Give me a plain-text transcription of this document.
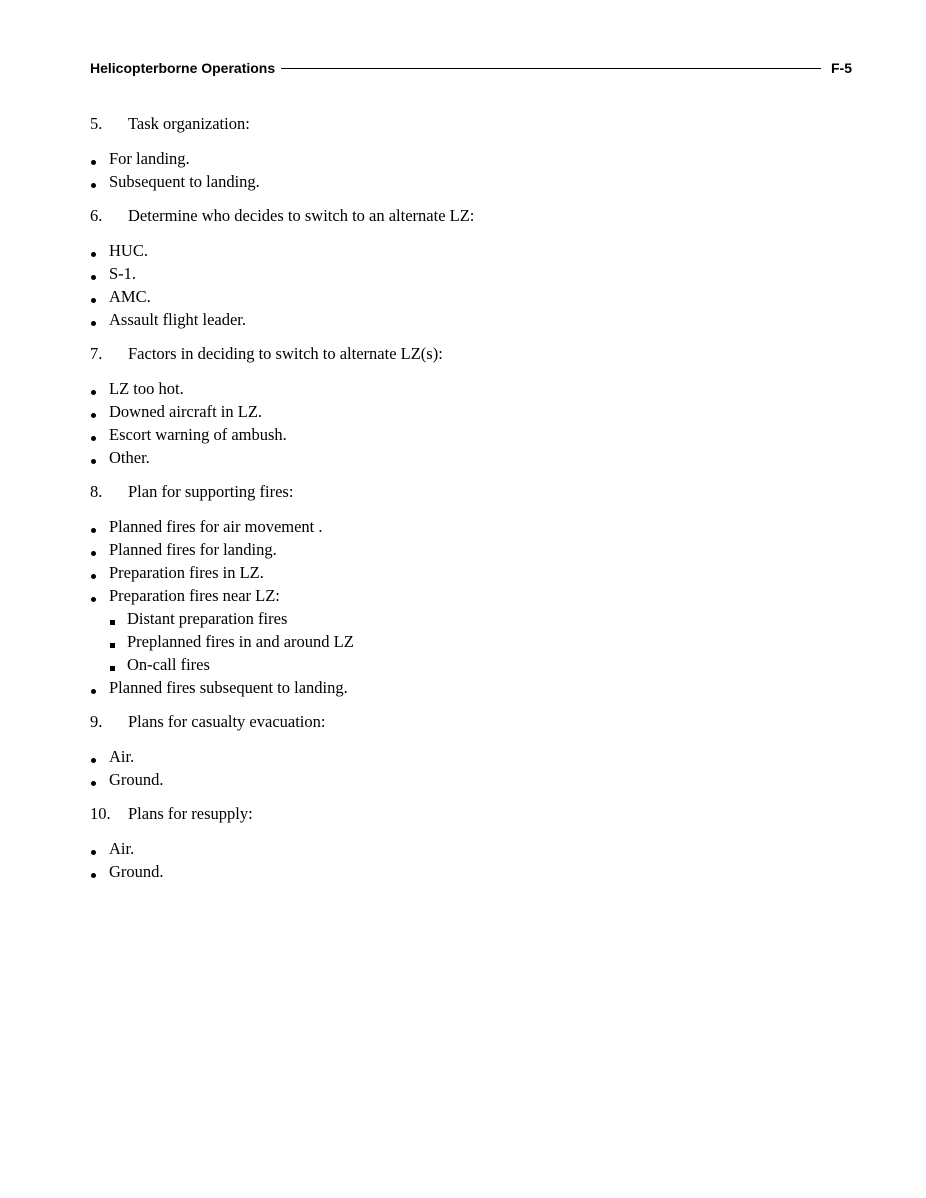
Helicopterborne Operations	F-5
5.	Task organization:
For landing.
Subsequent to landing.
6.	Determine who decides to switch to an alternate LZ:
HUC.
S-1.
AMC.
Assault flight leader.
7.	Factors in deciding to switch to alternate LZ(s):
LZ too hot.
Downed aircraft in LZ.
Escort warning of ambush.
Other.
8.	Plan for supporting fires:
Planned fires for air movement .
Planned fires for landing.
Preparation fires in LZ.
Preparation fires near LZ:
Distant preparation fires
Preplanned fires in and around LZ
On-call fires
Planned fires subsequent to landing.
9.	Plans for casualty evacuation:
Air.
Ground.
10.	Plans for resupply:
Air.
Ground.
